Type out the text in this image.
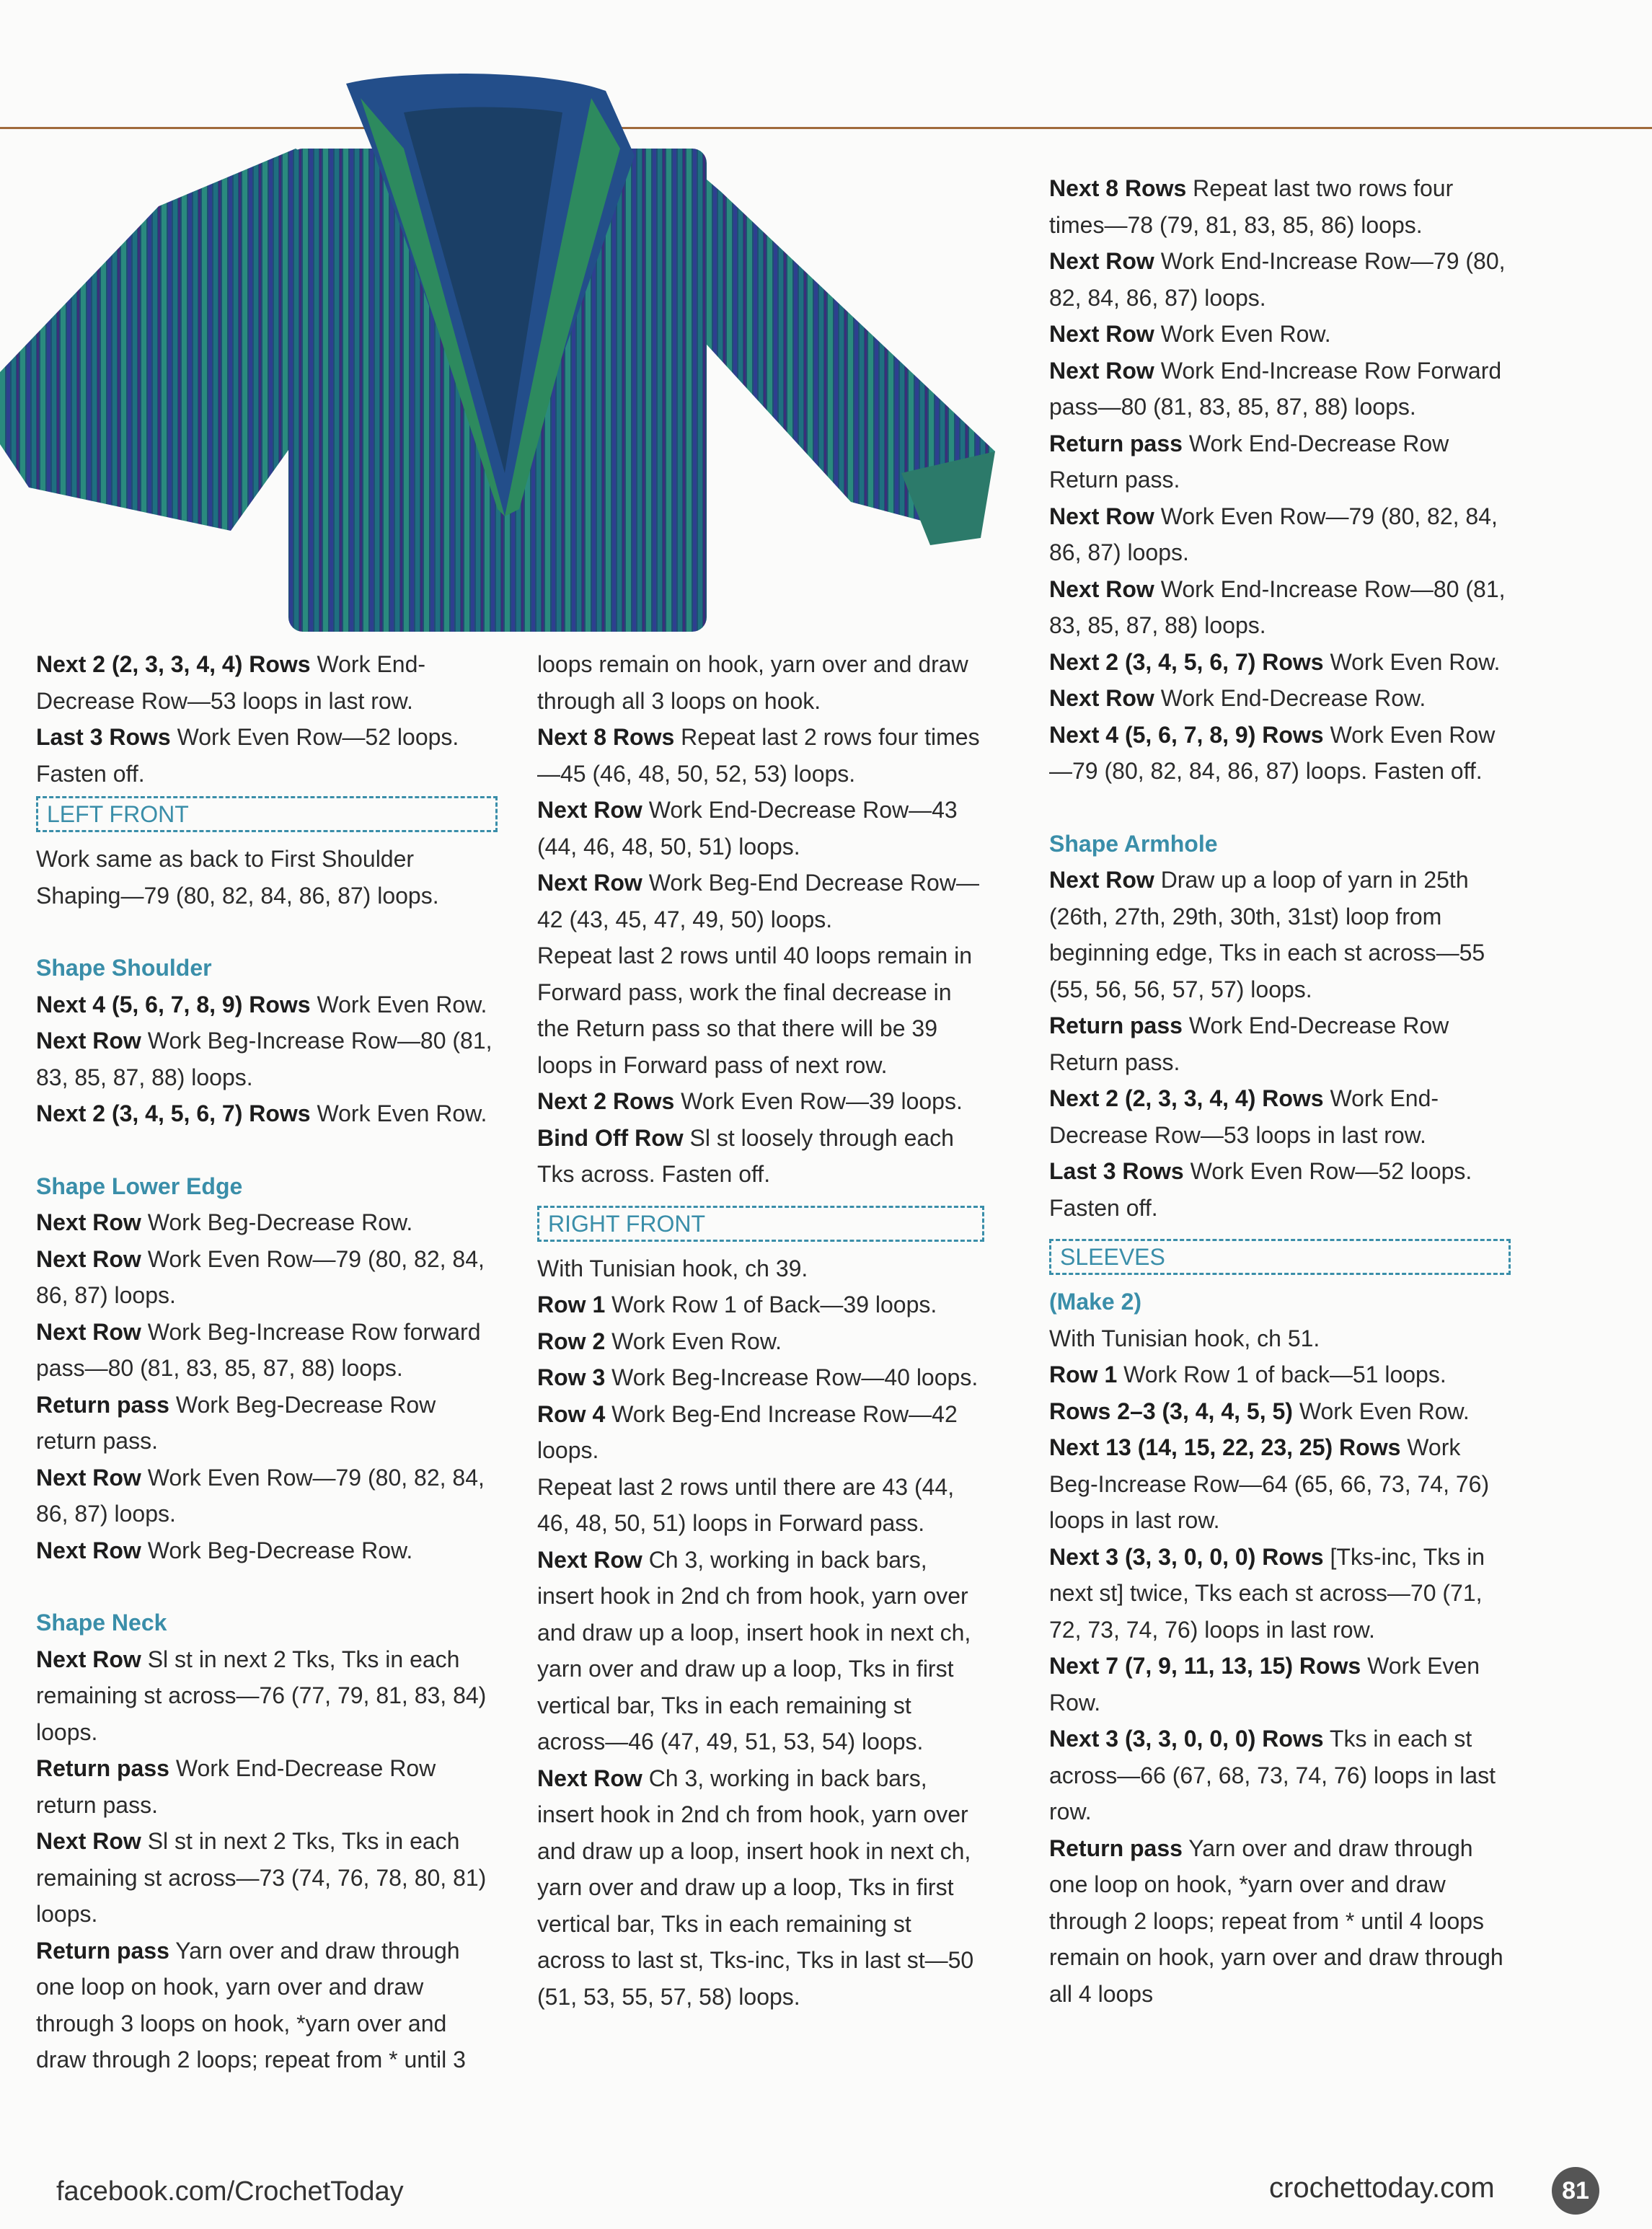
Next 2 (2, 3, 3, 4, 4) Rows Work End-Decrease Row—53 loops in last row.

Last 3 Rows Work Even Row—52 loops. Fasten off.

LEFT FRONT

Work same as back to First Shoulder Shaping—79 (80, 82, 84, 86, 87) loops.

Shape Shoulder

Next 4 (5, 6, 7, 8, 9) Rows Work Even Row.

Next Row Work Beg-Increase Row—80 (81, 83, 85, 87, 88) loops.

Next 2 (3, 4, 5, 6, 7) Rows Work Even Row.

Shape Lower Edge

Next Row Work Beg-Decrease Row.

Next Row Work Even Row—79 (80, 82, 84, 86, 87) loops.

Next Row Work Beg-Increase Row forward pass—80 (81, 83, 85, 87, 88) loops.

Return pass Work Beg-Decrease Row return pass.

Next Row Work Even Row—79 (80, 82, 84, 86, 87) loops.

Next Row Work Beg-Decrease Row.

Shape Neck

Next Row Sl st in next 2 Tks, Tks in each remaining st across—76 (77, 79, 81, 83, 84) loops.

Return pass Work End-Decrease Row return pass.

Next Row Sl st in next 2 Tks, Tks in each remaining st across—73 (74, 76, 78, 80, 81) loops.

Return pass Yarn over and draw through one loop on hook, yarn over and draw through 3 loops on hook, *yarn over and draw through 2 loops; repeat from * until 3

loops remain on hook, yarn over and draw through all 3 loops on hook.

Next 8 Rows Repeat last 2 rows four times—45 (46, 48, 50, 52, 53) loops.

Next Row Work End-Decrease Row—43 (44, 46, 48, 50, 51) loops.

Next Row Work Beg-End Decrease Row—42 (43, 45, 47, 49, 50) loops.

Repeat last 2 rows until 40 loops remain in Forward pass, work the final decrease in the Return pass so that there will be 39 loops in Forward pass of next row.

Next 2 Rows Work Even Row—39 loops.

Bind Off Row Sl st loosely through each Tks across. Fasten off.

RIGHT FRONT

With Tunisian hook, ch 39.

Row 1 Work Row 1 of Back—39 loops.

Row 2 Work Even Row.

Row 3 Work Beg-Increase Row—40 loops.

Row 4 Work Beg-End Increase Row—42 loops.

Repeat last 2 rows until there are 43 (44, 46, 48, 50, 51) loops in Forward pass.

Next Row Ch 3, working in back bars, insert hook in 2nd ch from hook, yarn over and draw up a loop, insert hook in next ch, yarn over and draw up a loop, Tks in first vertical bar, Tks in each remaining st across—46 (47, 49, 51, 53, 54) loops.

Next Row Ch 3, working in back bars, insert hook in 2nd ch from hook, yarn over and draw up a loop, insert hook in next ch, yarn over and draw up a loop, Tks in first vertical bar, Tks in each remaining st across to last st, Tks-inc, Tks in last st—50 (51, 53, 55, 57, 58) loops.

Next 8 Rows Repeat last two rows four times—78 (79, 81, 83, 85, 86) loops.

Next Row Work End-Increase Row—79 (80, 82, 84, 86, 87) loops.

Next Row Work Even Row.

Next Row Work End-Increase Row Forward pass—80 (81, 83, 85, 87, 88) loops.

Return pass Work End-Decrease Row Return pass.

Next Row Work Even Row—79 (80, 82, 84, 86, 87) loops.

Next Row Work End-Increase Row—80 (81, 83, 85, 87, 88) loops.

Next 2 (3, 4, 5, 6, 7) Rows Work Even Row.

Next Row Work End-Decrease Row.

Next 4 (5, 6, 7, 8, 9) Rows Work Even Row—79 (80, 82, 84, 86, 87) loops. Fasten off.

Shape Armhole

Next Row Draw up a loop of yarn in 25th (26th, 27th, 29th, 30th, 31st) loop from beginning edge, Tks in each st across—55 (55, 56, 56, 57, 57) loops.

Return pass Work End-Decrease Row Return pass.

Next 2 (2, 3, 3, 4, 4) Rows Work End-Decrease Row—53 loops in last row.

Last 3 Rows Work Even Row—52 loops. Fasten off.

SLEEVES

(Make 2)

With Tunisian hook, ch 51.

Row 1 Work Row 1 of back—51 loops.

Rows 2–3 (3, 4, 4, 5, 5) Work Even Row.

Next 13 (14, 15, 22, 23, 25) Rows Work Beg-Increase Row—64 (65, 66, 73, 74, 76) loops in last row.

Next 3 (3, 3, 0, 0, 0) Rows [Tks-inc, Tks in next st] twice, Tks each st across—70 (71, 72, 73, 74, 76) loops in last row.

Next 7 (7, 9, 11, 13, 15) Rows Work Even Row.

Next 3 (3, 3, 0, 0, 0) Rows Tks in each st across—66 (67, 68, 73, 74, 76) loops in last row.

Return pass Yarn over and draw through one loop on hook, *yarn over and draw through 2 loops; repeat from * until 4 loops remain on hook, yarn over and draw through all 4 loops

facebook.com/CrochetToday	crochettoday.com	81
